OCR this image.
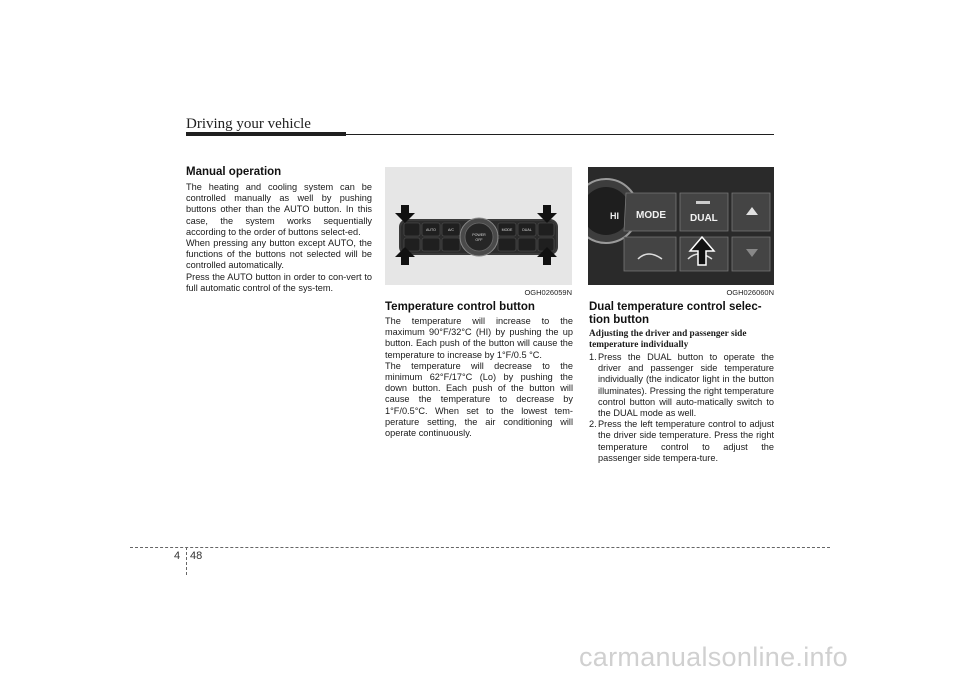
Driving your vehicle
Manual operation

The heating and cooling system can be controlled manually as well by pushing buttons other than the AUTO button. In this case, the system works sequentially according to the order of buttons select-ed.

When pressing any button except AUTO, the functions of the buttons not selected will be controlled automatically.

Press the AUTO button in order to con-vert to full automatic control of the sys-tem.

POWER
OFF
AUTO	A/C	MODE	DUAL
OGH026059N
Temperature control button

The temperature will increase to the maximum 90°F/32°C (HI) by pushing the up button. Each push of the button will cause the temperature to increase by 1°F/0.5 °C.

The temperature will decrease to the minimum 62°F/17°C (Lo) by pushing the down button. Each push of the button will cause the temperature to decrease by 1°F/0.5°C. When set to the lowest tem-perature setting, the air conditioning will operate continuously.

HI MODE DUAL
OGH026060N
Dual temperature control selec-
tion button
Adjusting the driver and passenger side
temperature individually
1. Press the DUAL button to operate the driver and passenger side temperature individually (the indicator light in the button illuminates). Pressing the right temperature control button will auto-matically switch to the DUAL mode as well.
2. Press the left temperature control to adjust the driver side temperature. Press the right temperature control to adjust the passenger side tempera-ture.
4 48
carmanualsonline.info
